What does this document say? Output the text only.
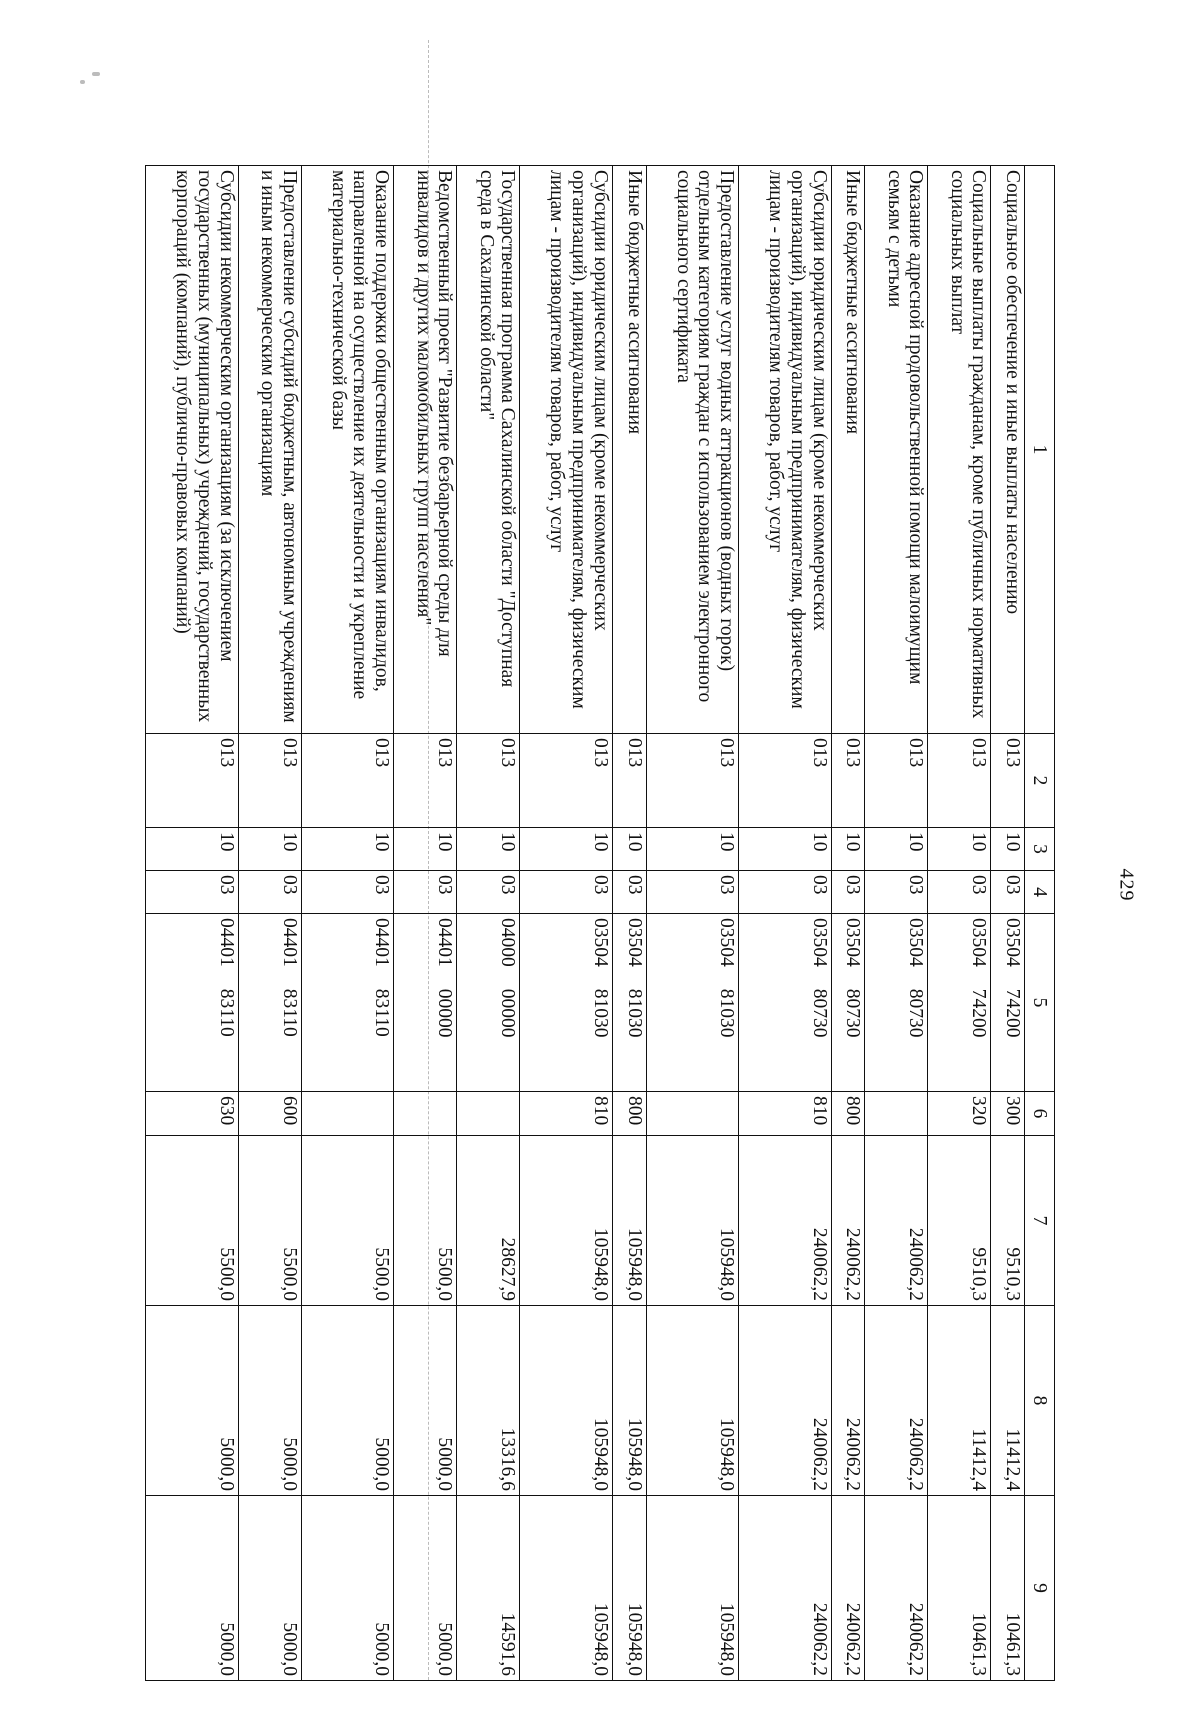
429
1	2	3	4	5	6	7	8	9
Социальное обеспечение и иные выплаты населению	013	10	03	0350474200	300	9510,3	11412,4	10461,3
Социальные выплаты гражданам, кроме публичных нормативных социальных выплат	013	10	03	0350474200	320	9510,3	11412,4	10461,3
Оказание адресной продовольственной помощи малоимущим семьям с детьми	013	10	03	0350480730		240062,2	240062,2	240062,2
Иные бюджетные ассигнования	013	10	03	0350480730	800	240062,2	240062,2	240062,2
Субсидии юридическим лицам (кроме некоммерческих организаций), индивидуальным предпринимателям, физическим лицам - производителям товаров, работ, услуг	013	10	03	0350480730	810	240062,2	240062,2	240062,2
Предоставление услуг водных аттракционов (водных горок) отдельным категориям граждан с использованием электронного социального сертификата	013	10	03	0350481030		105948,0	105948,0	105948,0
Иные бюджетные ассигнования	013	10	03	0350481030	800	105948,0	105948,0	105948,0
Субсидии юридическим лицам (кроме некоммерческих организаций), индивидуальным предпринимателям, физическим лицам - производителям товаров, работ, услуг	013	10	03	0350481030	810	105948,0	105948,0	105948,0
Государственная программа Сахалинской области "Доступная среда в Сахалинской области"	013	10	03	0400000000		28627,9	13316,6	14591,6
Ведомственный проект "Развитие безбарьерной среды для инвалидов и других маломобильных групп населения"	013	10	03	0440100000		5500,0	5000,0	5000,0
Оказание поддержки общественным организациям инвалидов, направленной на осуществление их деятельности и укрепление материально-технической базы	013	10	03	0440183110		5500,0	5000,0	5000,0
Предоставление субсидий бюджетным, автономным учреждениям и иным некоммерческим организациям	013	10	03	0440183110	600	5500,0	5000,0	5000,0
Субсидии некоммерческим организациям (за исключением государственных (муниципальных) учреждений, государственных корпораций (компаний), публично-правовых компаний)	013	10	03	0440183110	630	5500,0	5000,0	5000,0
